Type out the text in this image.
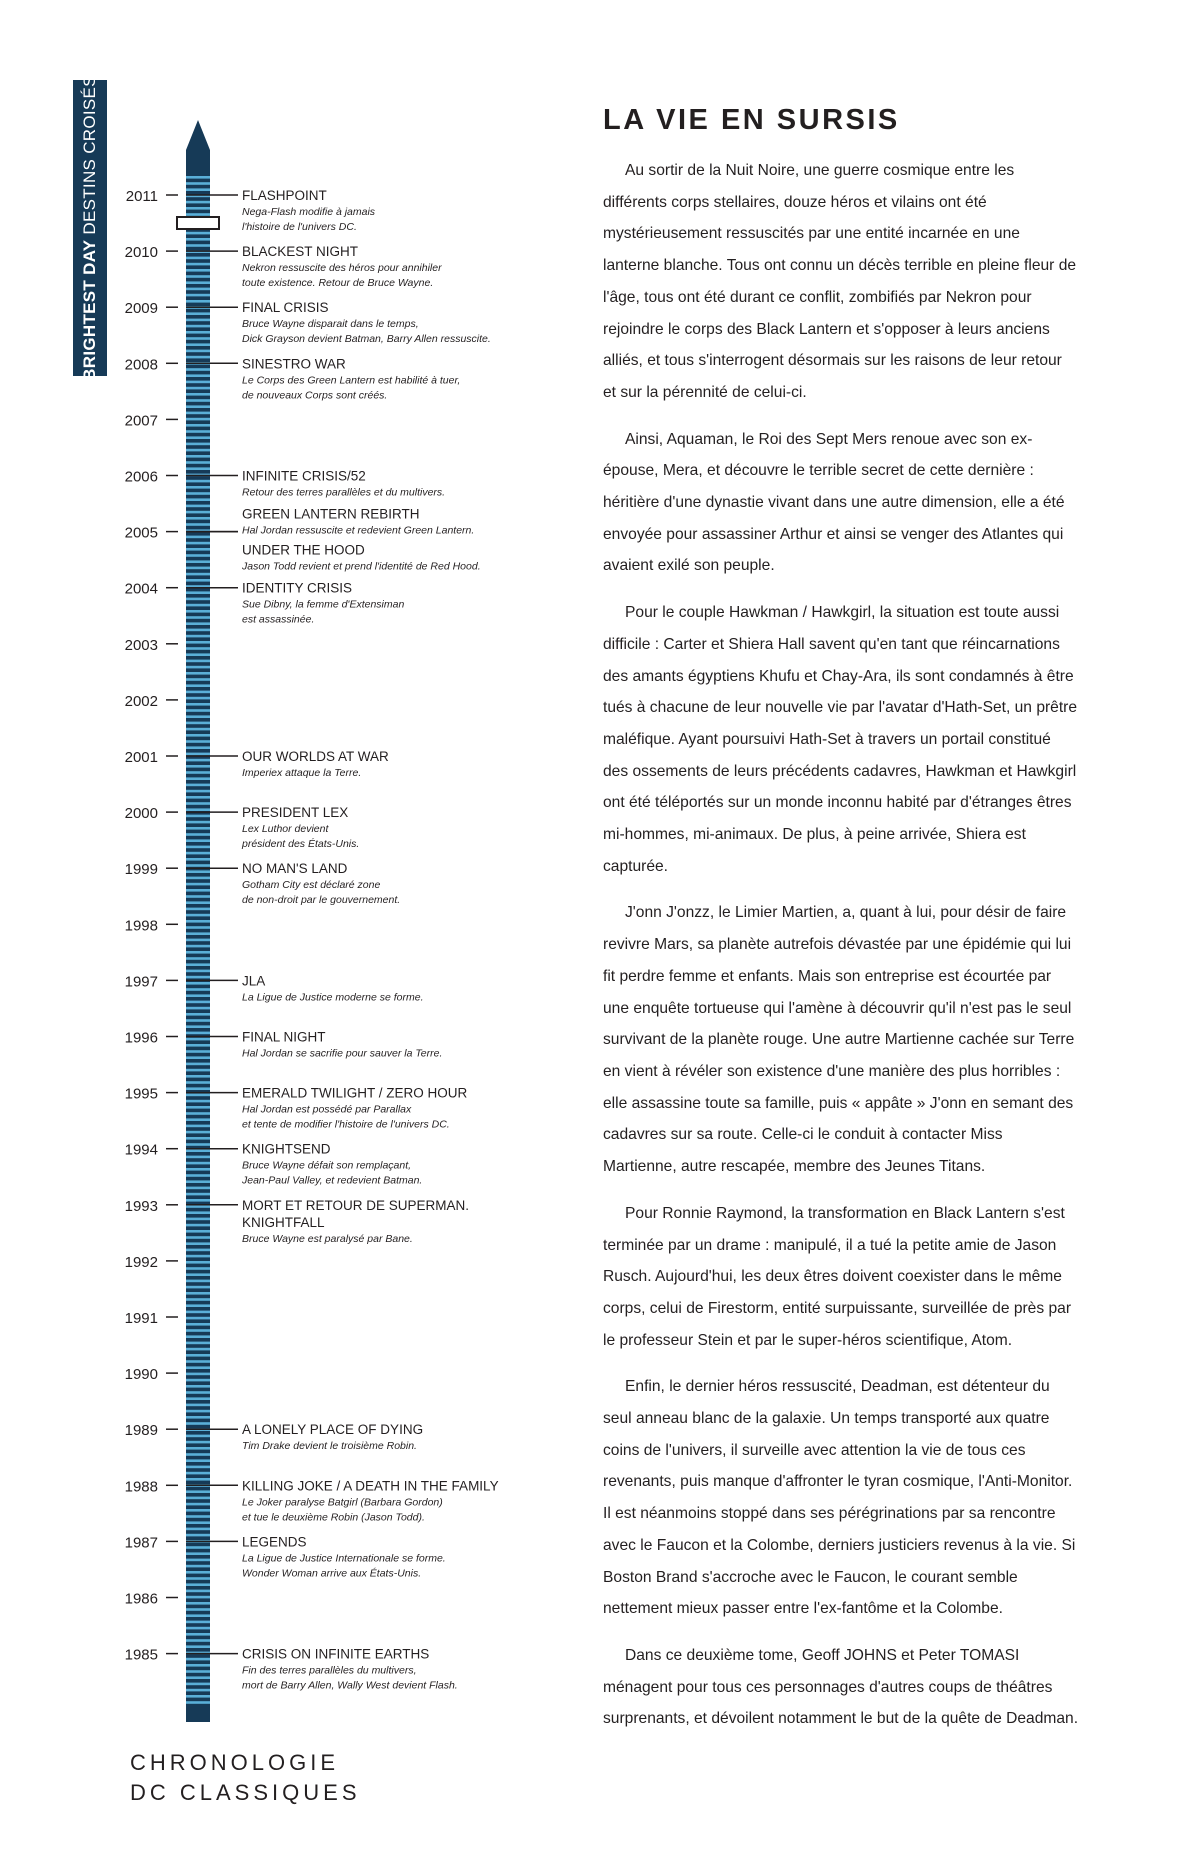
BRIGHTEST DAY DESTINS CROISÉS 2011
2010
2009
2008
2007
2006
2005
2004
2003
2002
2001
2000
1999
1998
1997
1996
1995
1994
1993
1992
1991
1990
1989
1988
1987
1986
1985
FLASHPOINT
Nega-Flash modifie à jamais
l'histoire de l'univers DC.
BLACKEST NIGHT
Nekron ressuscite des héros pour annihiler
toute existence. Retour de Bruce Wayne.
FINAL CRISIS
Bruce Wayne disparait dans le temps,
Dick Grayson devient Batman, Barry Allen ressuscite.
SINESTRO WAR
Le Corps des Green Lantern est habilité à tuer,
de nouveaux Corps sont créés.
INFINITE CRISIS/52
Retour des terres parallèles et du multivers.
GREEN LANTERN REBIRTH
Hal Jordan ressuscite et redevient Green Lantern.
UNDER THE HOOD
Jason Todd revient et prend l'identité de Red Hood.
IDENTITY CRISIS
Sue Dibny, la femme d'Extensiman
est assassinée.
OUR WORLDS AT WAR
Imperiex attaque la Terre.
PRESIDENT LEX
Lex Luthor devient
président des États-Unis.
NO MAN'S LAND
Gotham City est déclaré zone
de non-droit par le gouvernement.
JLA
La Ligue de Justice moderne se forme.
FINAL NIGHT
Hal Jordan se sacrifie pour sauver la Terre.
EMERALD TWILIGHT / ZERO HOUR
Hal Jordan est possédé par Parallax
et tente de modifier l'histoire de l'univers DC.
KNIGHTSEND
Bruce Wayne défait son remplaçant,
Jean-Paul Valley, et redevient Batman.
MORT ET RETOUR DE SUPERMAN.
KNIGHTFALL
Bruce Wayne est paralysé par Bane.
A LONELY PLACE OF DYING
Tim Drake devient le troisième Robin.
KILLING JOKE / A DEATH IN THE FAMILY
Le Joker paralyse Batgirl (Barbara Gordon)
et tue le deuxième Robin (Jason Todd).
LEGENDS
La Ligue de Justice Internationale se forme.
Wonder Woman arrive aux États-Unis.
CRISIS ON INFINITE EARTHS
Fin des terres parallèles du multivers,
mort de Barry Allen, Wally West devient Flash.
CHRONOLOGIE
DC CLASSIQUES
LA VIE EN SURSIS

Au sortir de la Nuit Noire, une guerre cosmique entre les différents corps stellaires, douze héros et vilains ont été mystérieusement ressuscités par une entité incarnée en une lanterne blanche. Tous ont connu un décès terrible en pleine fleur de l'âge, tous ont été durant ce conflit, zombifiés par Nekron pour rejoindre le corps des Black Lantern et s'opposer à leurs anciens alliés, et tous s'interrogent désormais sur les raisons de leur retour et sur la pérennité de celui-ci.

Ainsi, Aquaman, le Roi des Sept Mers renoue avec son ex-épouse, Mera, et découvre le terrible secret de cette dernière : héritière d'une dynastie vivant dans une autre dimension, elle a été envoyée pour assassiner Arthur et ainsi se venger des Atlantes qui avaient exilé son peuple.

Pour le couple Hawkman / Hawkgirl, la situation est toute aussi difficile : Carter et Shiera Hall savent qu'en tant que réincarnations des amants égyptiens Khufu et Chay-Ara, ils sont condamnés à être tués à chacune de leur nouvelle vie par l'avatar d'Hath-Set, un prêtre maléfique. Ayant poursuivi Hath-Set à travers un portail constitué des ossements de leurs précédents cadavres, Hawkman et Hawkgirl ont été téléportés sur un monde inconnu habité par d'étranges êtres mi-hommes, mi-animaux. De plus, à peine arrivée, Shiera est capturée.

J'onn J'onzz, le Limier Martien, a, quant à lui, pour désir de faire revivre Mars, sa planète autrefois dévastée par une épidémie qui lui fit perdre femme et enfants. Mais son entreprise est écourtée par une enquête tortueuse qui l'amène à découvrir qu'il n'est pas le seul survivant de la planète rouge. Une autre Martienne cachée sur Terre en vient à révéler son existence d'une manière des plus horribles : elle assassine toute sa famille, puis « appâte » J'onn en semant des cadavres sur sa route. Celle-ci le conduit à contacter Miss Martienne, autre rescapée, membre des Jeunes Titans.

Pour Ronnie Raymond, la transformation en Black Lantern s'est terminée par un drame : manipulé, il a tué la petite amie de Jason Rusch. Aujourd'hui, les deux êtres doivent coexister dans le même corps, celui de Firestorm, entité surpuissante, surveillée de près par le professeur Stein et par le super-héros scientifique, Atom.

Enfin, le dernier héros ressuscité, Deadman, est détenteur du seul anneau blanc de la galaxie. Un temps transporté aux quatre coins de l'univers, il surveille avec attention la vie de tous ces revenants, puis manque d'affronter le tyran cosmique, l'Anti-Monitor. Il est néanmoins stoppé dans ses pérégrinations par sa rencontre avec le Faucon et la Colombe, derniers justiciers revenus à la vie. Si Boston Brand s'accroche avec le Faucon, le courant semble nettement mieux passer entre l'ex-fantôme et la Colombe.

Dans ce deuxième tome, Geoff JOHNS et Peter TOMASI ménagent pour tous ces personnages d'autres coups de théâtres surprenants, et dévoilent notamment le but de la quête de Deadman.
